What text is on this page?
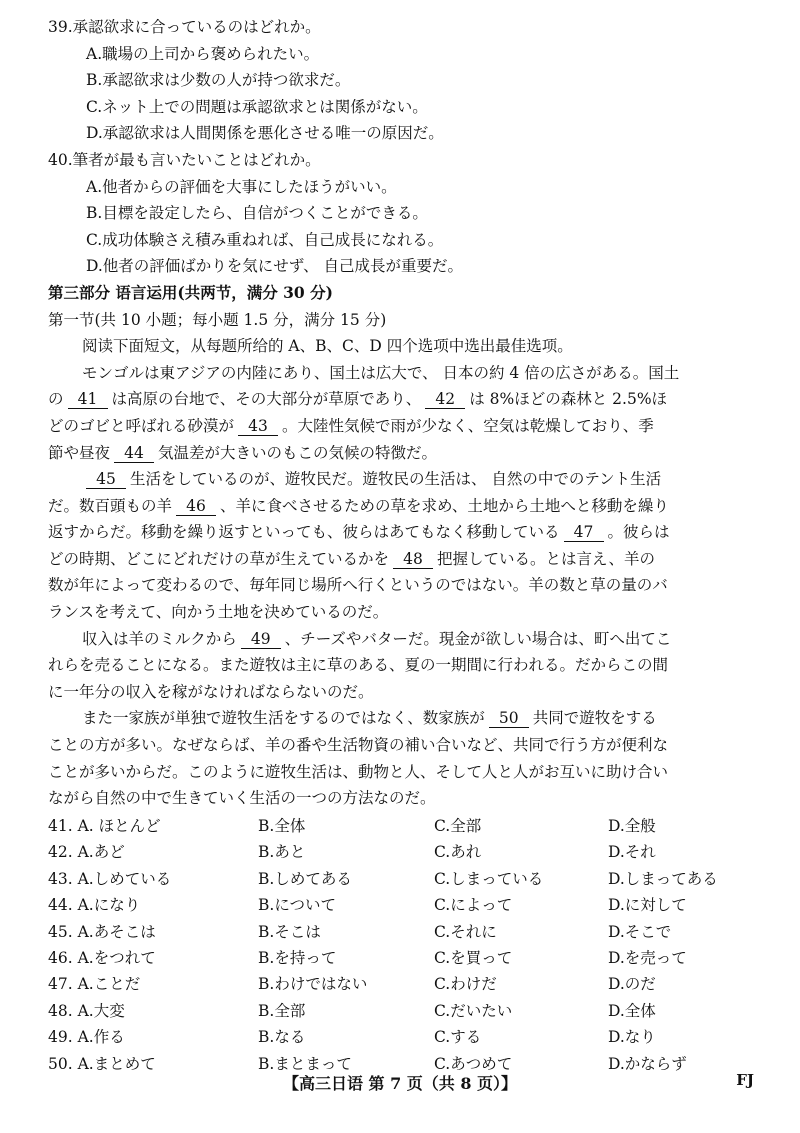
39.承認欲求に合っているのはどれか。
A.職場の上司から褒められたい。
B.承認欲求は少数の人が持つ欲求だ。
C.ネット上での問題は承認欲求とは関係がない。
D.承認欲求は人間関係を悪化させる唯一の原因だ。
40.筆者が最も言いたいことはどれか。
A.他者からの評価を大事にしたほうがいい。
B.目標を設定したら、自信がつくことができる。
C.成功体験さえ積み重ねれば、自己成長になれる。
D.他者の評価ばかりを気にせず、 自己成長が重要だ。
第三部分 语言运用(共两节，满分 30 分)
第一节(共 10 小题；每小题 1.5 分，满分 15 分)
阅读下面短文，从每题所给的 A、B、C、D 四个选项中选出最佳选项。
モンゴルは東アジアの内陸にあり、国土は広大で、 日本の約 4 倍の広さがある。国土
の 41 は高原の台地で、その大部分が草原であり、 42 は 8%ほどの森林と 2.5%ほ
どのゴビと呼ばれる砂漠が 43 。大陸性気候で雨が少なく、空気は乾燥しており、季
節や昼夜 44 気温差が大きいのもこの気候の特徴だ。
45 生活をしているのが、遊牧民だ。遊牧民の生活は、 自然の中でのテント生活
だ。数百頭もの羊 46 、羊に食べさせるための草を求め、土地から土地へと移動を繰り
返すからだ。移動を繰り返すといっても、彼らはあてもなく移動している 47 。彼らは
どの時期、どこにどれだけの草が生えているかを 48 把握している。とは言え、羊の
数が年によって変わるので、毎年同じ場所へ行くというのではない。羊の数と草の量のバ
ランスを考えて、向かう土地を決めているのだ。
収入は羊のミルクから 49 、チーズやバターだ。現金が欲しい場合は、町へ出てこ
れらを売ることになる。また遊牧は主に草のある、夏の一期間に行われる。だからこの間
に一年分の収入を稼がなければならないのだ。
また一家族が単独で遊牧生活をするのではなく、数家族が 50 共同で遊牧をする
ことの方が多い。なぜならば、羊の番や生活物資の補い合いなど、共同で行う方が便利な
ことが多いからだ。このように遊牧生活は、動物と人、そして人と人がお互いに助け合い
ながら自然の中で生きていく生活の一つの方法なのだ。
41. A. ほとんど	B.全体	C.全部	D.全般
42. A.あど	B.あと	C.あれ	D.それ
43. A.しめている	B.しめてある	C.しまっている	D.しまってある
44. A.になり	B.について	C.によって	D.に対して
45. A.あそこは	B.そこは	C.それに	D.そこで
46. A.をつれて	B.を持って	C.を買って	D.を売って
47. A.ことだ	B.わけではない	C.わけだ	D.のだ
48. A.大変	B.全部	C.だいたい	D.全体
49. A.作る	B.なる	C.する	D.なり
50. A.まとめて	B.まとまって	C.あつめて	D.かならず
【高三日语 第 7 页（共 8 页）】	FJ
